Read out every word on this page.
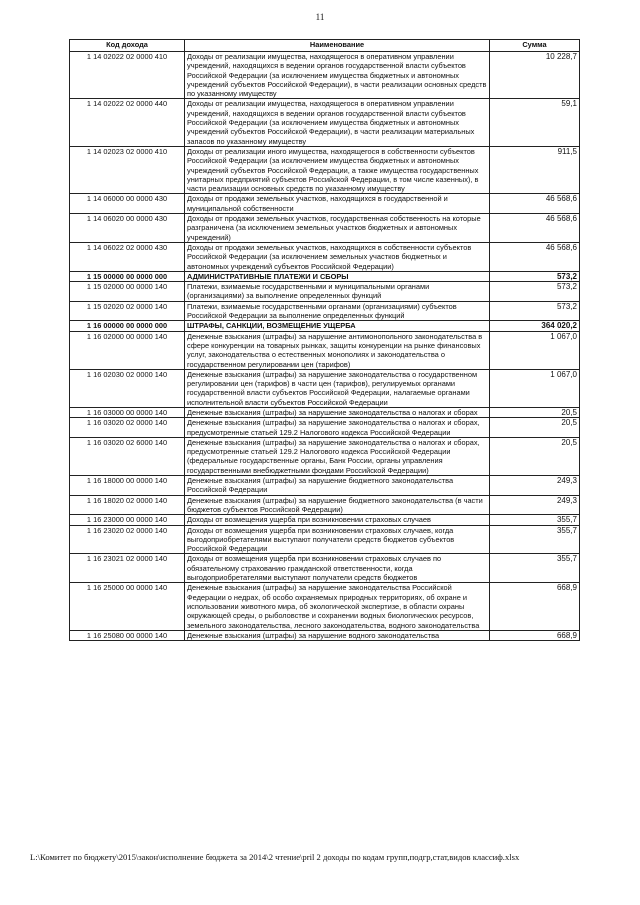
11
Код дохода	Наименование	Сумма
1 14 02022 02 0000 410	Доходы от реализации имущества, находящегося в оперативном управлении учреждений, находящихся в ведении органов государственной власти субъектов Российской Федерации (за исключением имущества бюджетных и автономных учреждений субъектов Российской Федерации), в части реализации основных средств по указанному имуществу	10 228,7
1 14 02022 02 0000 440	Доходы от реализации имущества, находящегося в оперативном управлении учреждений, находящихся в ведении органов государственной власти субъектов Российской Федерации (за исключением имущества бюджетных и автономных учреждений субъектов Российской Федерации), в части реализации материальных запасов по указанному имуществу	59,1
1 14 02023 02 0000 410	Доходы от реализации иного имущества, находящегося в собственности субъектов Российской Федерации (за исключением имущества бюджетных и автономных учреждений субъектов Российской Федерации, а также имущества государственных унитарных предприятий субъектов Российской Федерации, в том числе казенных), в части реализации основных средств по указанному имуществу	911,5
1 14 06000 00 0000 430	Доходы от продажи земельных участков, находящихся в государственной и муниципальной собственности	46 568,6
1 14 06020 00 0000 430	Доходы от продажи земельных участков, государственная собственность на которые разграничена (за исключением земельных участков бюджетных и автономных учреждений)	46 568,6
1 14 06022 02 0000 430	Доходы от продажи земельных участков, находящихся в собственности субъектов Российской Федерации (за исключением земельных участков бюджетных и автономных учреждений субъектов Российской Федерации)	46 568,6
1 15 00000 00 0000 000	АДМИНИСТРАТИВНЫЕ ПЛАТЕЖИ И СБОРЫ	573,2
1 15 02000 00 0000 140	Платежи, взимаемые государственными и муниципальными органами (организациями) за выполнение определенных функций	573,2
1 15 02020 02 0000 140	Платежи, взимаемые государственными органами (организациями) субъектов Российской Федерации за выполнение определенных функций	573,2
1 16 00000 00 0000 000	ШТРАФЫ, САНКЦИИ, ВОЗМЕЩЕНИЕ УЩЕРБА	364 020,2
1 16 02000 00 0000 140	Денежные взыскания (штрафы) за нарушение антимонопольного законодательства в сфере конкуренции на товарных рынках, защиты конкуренции на рынке финансовых услуг, законодательства о естественных монополиях и законодательства о государственном регулировании цен (тарифов)	1 067,0
1 16 02030 02 0000 140	Денежные взыскания (штрафы) за нарушение законодательства о государственном регулировании цен (тарифов) в части цен (тарифов), регулируемых органами государственной власти субъектов Российской Федерации, налагаемые органами исполнительной власти субъектов Российской Федерации	1 067,0
1 16 03000 00 0000 140	Денежные взыскания (штрафы) за нарушение законодательства о налогах и сборах	20,5
1 16 03020 02 0000 140	Денежные взыскания (штрафы) за нарушение законодательства о налогах и сборах, предусмотренные статьей 129.2 Налогового кодекса Российской Федерации	20,5
1 16 03020 02 6000 140	Денежные взыскания (штрафы) за нарушение законодательства о налогах и сборах, предусмотренные статьей 129.2 Налогового кодекса Российской Федерации (федеральные государственные органы, Банк России, органы управления государственными внебюджетными фондами Российской Федерации)	20,5
1 16 18000 00 0000 140	Денежные взыскания (штрафы) за нарушение бюджетного законодательства Российской Федерации	249,3
1 16 18020 02 0000 140	Денежные взыскания (штрафы) за нарушение бюджетного законодательства (в части бюджетов субъектов Российской Федерации)	249,3
1 16 23000 00 0000 140	Доходы от возмещения ущерба при возникновении страховых случаев	355,7
1 16 23020 02 0000 140	Доходы от возмещения ущерба при возникновении страховых случаев, когда выгодоприобретателями выступают получатели средств бюджетов субъектов Российской Федерации	355,7
1 16 23021 02 0000 140	Доходы от возмещения ущерба при возникновении страховых случаев по обязательному страхованию гражданской ответственности, когда выгодоприобретателями выступают получатели средств бюджетов	355,7
1 16 25000 00 0000 140	Денежные взыскания (штрафы) за нарушение законодательства Российской Федерации о недрах, об особо охраняемых природных территориях, об охране и использовании животного мира, об экологической экспертизе, в области охраны окружающей среды, о рыболовстве и сохранении водных биологических ресурсов, земельного законодательства, лесного законодательства, водного законодательства	668,9
1 16 25080 00 0000 140	Денежные взыскания (штрафы) за нарушение водного законодательства	668,9
L:\Комитет по бюджету\2015\закон\исполнение бюджета за 2014\2 чтение\pril 2 доходы по кодам групп,подгр,стат,видов классиф.xlsx
